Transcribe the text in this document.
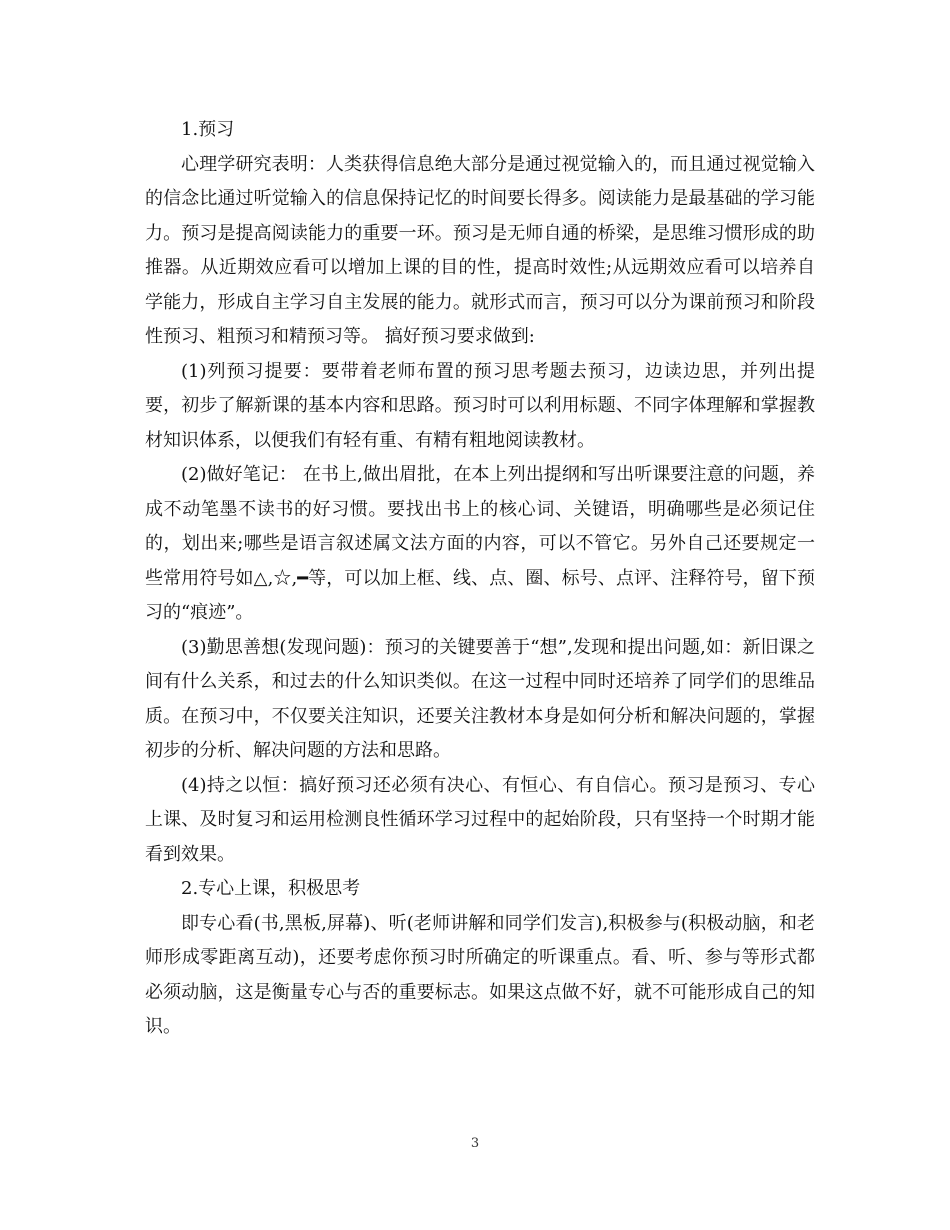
1.预习

心理学研究表明：人类获得信息绝大部分是通过视觉输入的，而且通过视觉输入的信念比通过听觉输入的信息保持记忆的时间要长得多。阅读能力是最基础的学习能力。预习是提高阅读能力的重要一环。预习是无师自通的桥梁，是思维习惯形成的助推器。从近期效应看可以增加上课的目的性，提高时效性;从远期效应看可以培养自学能力，形成自主学习自主发展的能力。就形式而言，预习可以分为课前预习和阶段性预习、粗预习和精预习等。 搞好预习要求做到:

(1)列预习提要：要带着老师布置的预习思考题去预习，边读边思，并列出提要，初步了解新课的基本内容和思路。预习时可以利用标题、不同字体理解和掌握教材知识体系，以便我们有轻有重、有精有粗地阅读教材。

(2)做好笔记： 在书上,做出眉批，在本上列出提纲和写出听课要注意的问题，养成不动笔墨不读书的好习惯。要找出书上的核心词、关键语，明确哪些是必须记住的，划出来;哪些是语言叙述属文法方面的内容，可以不管它。另外自己还要规定一些常用符号如△,☆,━等，可以加上框、线、点、圈、标号、点评、注释符号，留下预习的“痕迹”。

(3)勤思善想(发现问题)：预习的关键要善于“想”,发现和提出问题,如：新旧课之间有什么关系，和过去的什么知识类似。在这一过程中同时还培养了同学们的思维品质。在预习中，不仅要关注知识，还要关注教材本身是如何分析和解决问题的，掌握初步的分析、解决问题的方法和思路。

(4)持之以恒：搞好预习还必须有决心、有恒心、有自信心。预习是预习、专心上课、及时复习和运用检测良性循环学习过程中的起始阶段，只有坚持一个时期才能看到效果。

2.专心上课，积极思考

即专心看(书,黑板,屏幕)、听(老师讲解和同学们发言),积极参与(积极动脑，和老师形成零距离互动)，还要考虑你预习时所确定的听课重点。看、听、参与等形式都必须动脑，这是衡量专心与否的重要标志。如果这点做不好，就不可能形成自己的知识。

3
